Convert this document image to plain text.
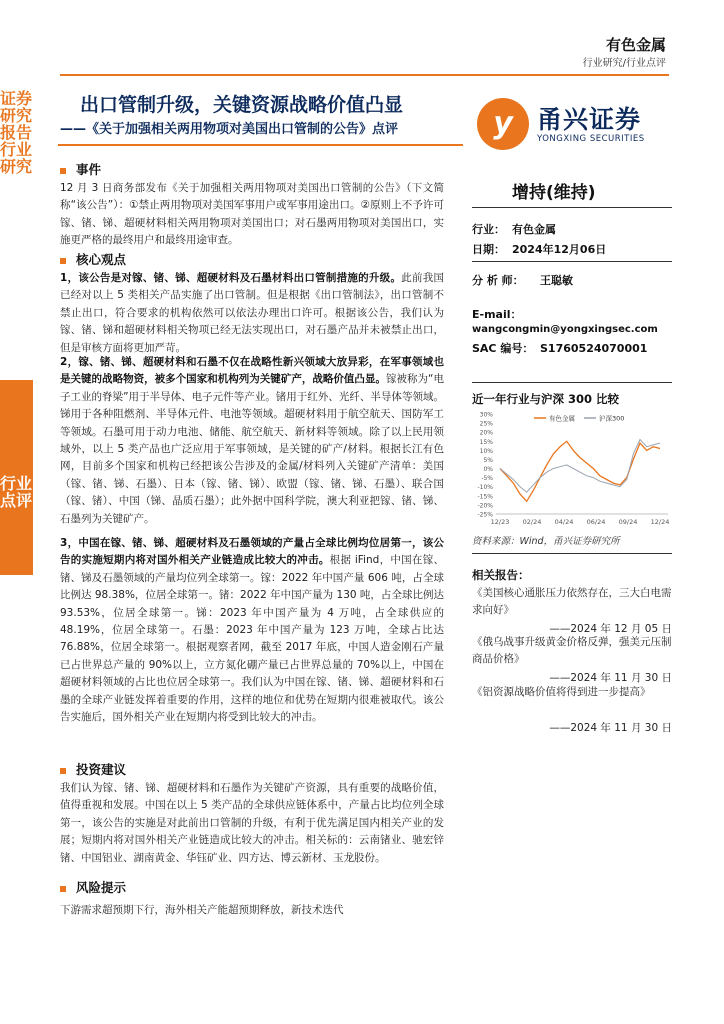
有色金属
行业研究/行业点评
证券研究报告 行业研究
行业点评
出口管制升级，关键资源战略价值凸显
——《关于加强相关两用物项对美国出口管制的公告》点评	y 甬兴证券
YONGXING SECURITIES
事件
12 月 3 日商务部发布《关于加强相关两用物项对美国出口管制的公告》（下文简称“该公告”）：①禁止两用物项对美国军事用户或军事用途出口。②原则上不予许可镓、锗、锑、超硬材料相关两用物项对美国出口；对石墨两用物项对美国出口，实施更严格的最终用户和最终用途审查。
核心观点
1，该公告是对镓、锗、锑、超硬材料及石墨材料出口管制措施的升级。此前我国已经对以上 5 类相关产品实施了出口管制。但是根据《出口管制法》，出口管制不禁止出口，符合要求的机构依然可以依法办理出口许可。根据该公告，我们认为镓、锗、锑和超硬材料相关物项已经无法实现出口，对石墨产品并未被禁止出口，但是审核方面将更加严苛。
2，镓、锗、锑、超硬材料和石墨不仅在战略性新兴领域大放异彩，在军事领域也是关键的战略物资，被多个国家和机构列为关键矿产，战略价值凸显。镓被称为“电子工业的脊梁”用于半导体、电子元件等产业。锗用于红外、光纤、半导体等领域。锑用于各种阻燃剂、半导体元件、电池等领域。超硬材料用于航空航天、国防军工等领域。石墨可用于动力电池、储能、航空航天、新材料等领域。除了以上民用领域外，以上 5 类产品也广泛应用于军事领域，是关键的矿产/材料。根据长江有色网，目前多个国家和机构已经把该公告涉及的金属/材料列入关键矿产清单：美国（镓、锗、锑、石墨）、日本（镓、锗、锑）、欧盟（镓、锗、锑、石墨）、联合国（镓、锗）、中国（锑、晶质石墨）；此外据中国科学院，澳大利亚把镓、锗、锑、石墨列为关键矿产。
3，中国在镓、锗、锑、超硬材料及石墨领域的产量占全球比例均位居第一，该公告的实施短期内将对国外相关产业链造成比较大的冲击。根据 iFind，中国在镓、锗、锑及石墨领域的产量均位列全球第一。镓：2022 年中国产量 606 吨，占全球比例达 98.38%，位居全球第一。锗：2022 年中国产量为 130 吨，占全球比例达 93.53%，位居全球第一。锑：2023 年中国产量为 4 万吨，占全球供应的 48.19%，位居全球第一。石墨：2023 年中国产量为 123 万吨，全球占比达 76.88%，位居全球第一。根据观察者网，截至 2017 年底，中国人造金刚石产量已占世界总产量的 90%以上，立方氮化硼产量已占世界总量的 70%以上，中国在超硬材料领域的占比也位居全球第一。我们认为中国在镓、锗、锑、超硬材料和石墨的全球产业链发挥着重要的作用，这样的地位和优势在短期内很难被取代。该公告实施后，国外相关产业在短期内将受到比较大的冲击。
投资建议
我们认为镓、锗、锑、超硬材料和石墨作为关键矿产资源，具有重要的战略价值，值得重视和发展。中国在以上 5 类产品的全球供应链体系中，产量占比均位列全球第一，该公告的实施是对此前出口管制的升级，有利于优先满足国内相关产业的发展；短期内将对国外相关产业链造成比较大的冲击。相关标的：云南锗业、驰宏锌锗、中国铝业、湖南黄金、华钰矿业、四方达、博云新材、玉龙股份。
风险提示
下游需求超预期下行，海外相关产能超预期释放，新技术迭代
增持(维持)
行业： 有色金属
日期： 2024年12月06日
分 析 师： 王聪敏
E-mail：wangcongmin@yongxingsec.com
SAC 编号： S1760524070001
近一年行业与沪深 300 比较
30%
25%
20%
15%
10%
5%
0%
-5%
-10%
-15%
-20%
-25%
12/23 02/24 04/24 06/24 09/24 12/24
有色金属	沪深300
资料来源：Wind，甬兴证券研究所
相关报告：
《美国核心通胀压力依然存在，三大白电需求向好》
——2024 年 12 月 05 日
《俄乌战事升级黄金价格反弹，强美元压制商品价格》
——2024 年 11 月 30 日
《铝资源战略价值将得到进一步提高》
——2024 年 11 月 30 日
